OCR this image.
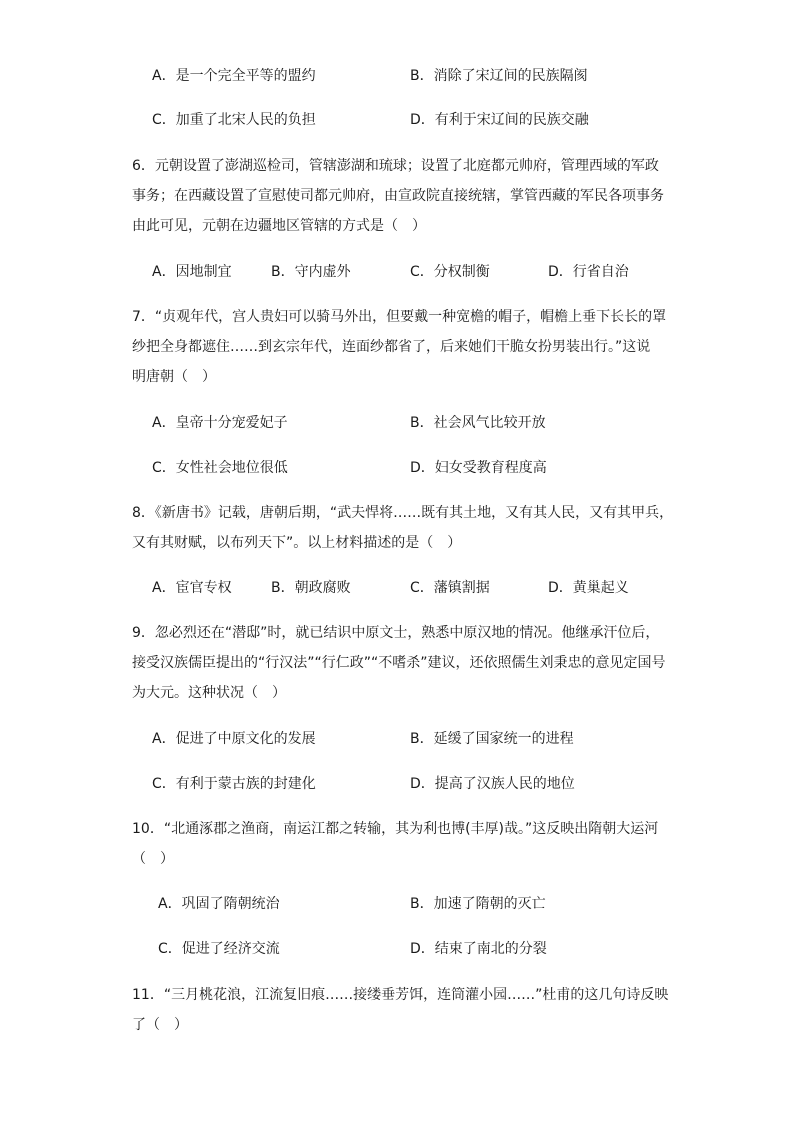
A．是一个完全平等的盟约	B．消除了宋辽间的民族隔阂
C．加重了北宋人民的负担	D．有利于宋辽间的民族交融
6．元朝设置了澎湖巡检司，管辖澎湖和琉球；设置了北庭都元帅府，管理西域的军政
事务；在西藏设置了宣慰使司都元帅府，由宣政院直接统辖，掌管西藏的军民各项事务
由此可见，元朝在边疆地区管辖的方式是（　）
A．因地制宜	B．守内虚外	C．分权制衡	D．行省自治
7．“贞观年代，宫人贵妇可以骑马外出，但要戴一种宽檐的帽子，帽檐上垂下长长的罩
纱把全身都遮住……到玄宗年代，连面纱都省了，后来她们干脆女扮男装出行。”这说
明唐朝（　）
A．皇帝十分宠爱妃子	B．社会风气比较开放
C．女性社会地位很低	D．妇女受教育程度高
8．《新唐书》记载，唐朝后期，“武夫悍将……既有其土地，又有其人民，又有其甲兵，
又有其财赋，以布列天下”。以上材料描述的是（　）
A．宦官专权	B．朝政腐败	C．藩镇割据	D．黄巢起义
9．忽必烈还在“潜邸”时，就已结识中原文士，熟悉中原汉地的情况。他继承汗位后，
接受汉族儒臣提出的“行汉法”“行仁政”“不嗜杀”建议，还依照儒生刘秉忠的意见定国号
为大元。这种状况（　）
A．促进了中原文化的发展	B．延缓了国家统一的进程
C．有利于蒙古族的封建化	D．提高了汉族人民的地位
10．“北通涿郡之渔商，南运江都之转输，其为利也博(丰厚)哉。”这反映出隋朝大运河
（　）
A．巩固了隋朝统治	B．加速了隋朝的灭亡
C．促进了经济交流	D．结束了南北的分裂
11．“三月桃花浪，江流复旧痕……接缕垂芳饵，连筒灌小园……”杜甫的这几句诗反映
了（　）
